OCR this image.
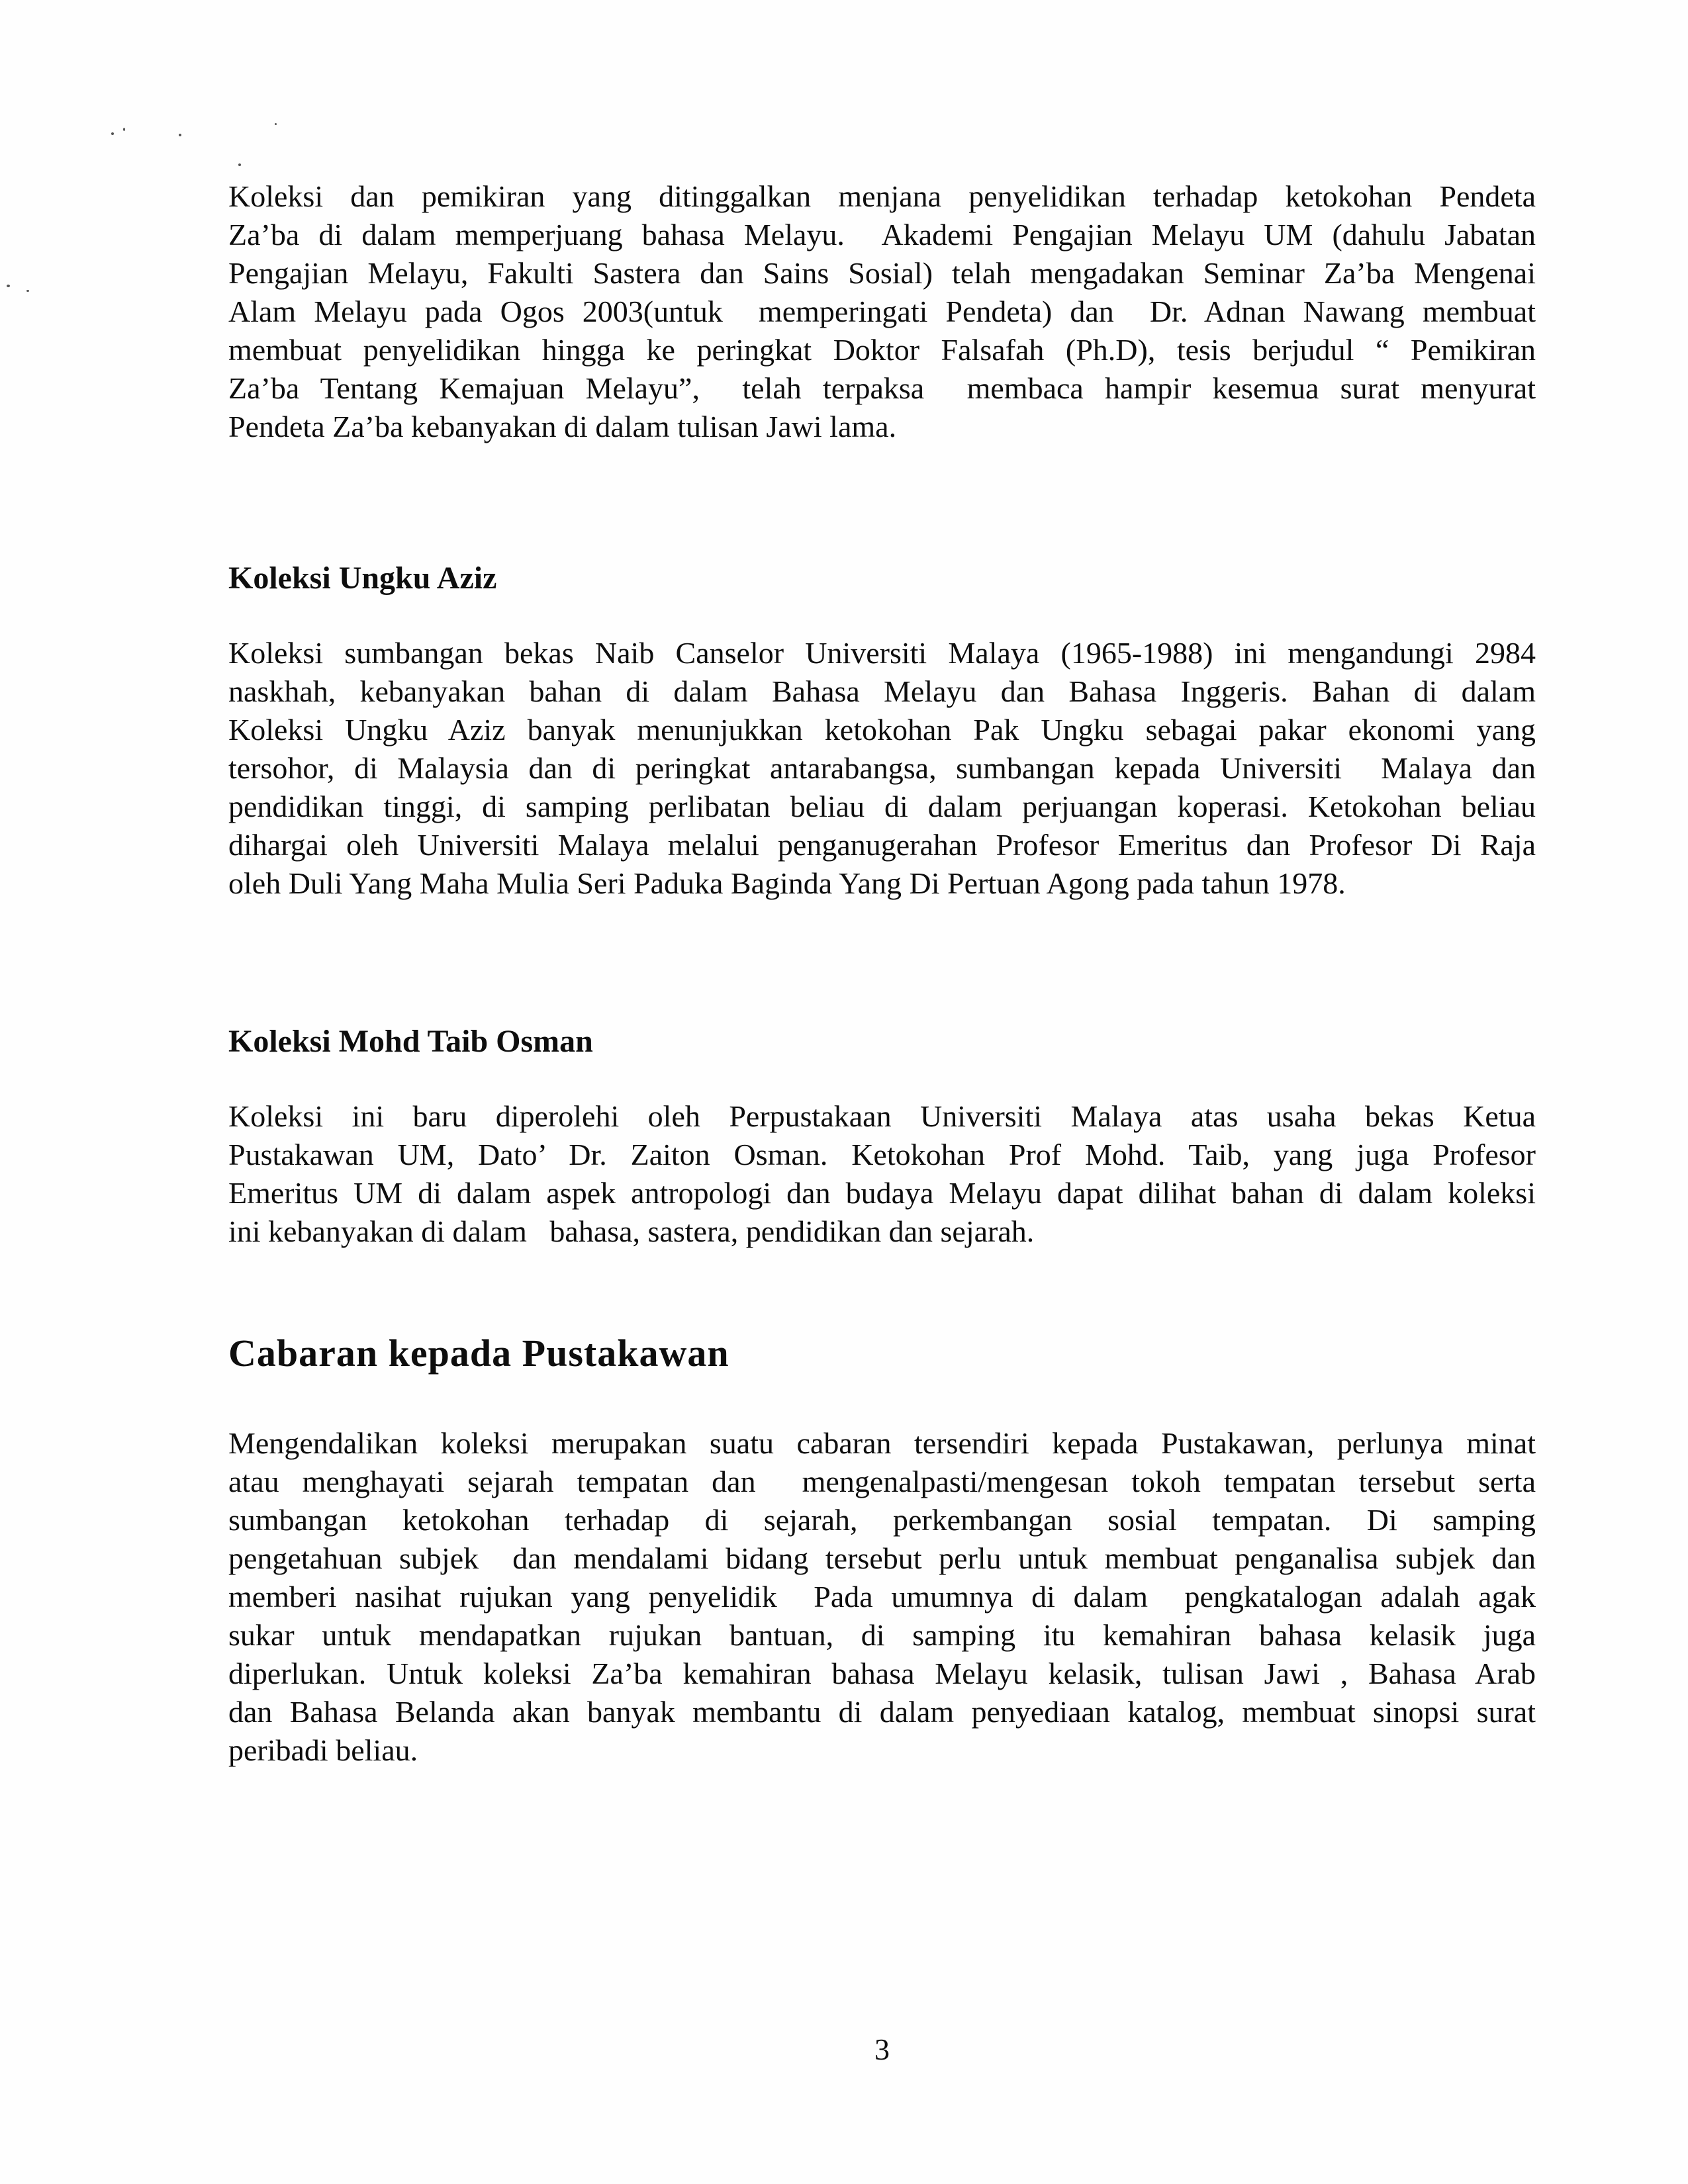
Koleksi dan pemikiran yang ditinggalkan menjana penyelidikan terhadap ketokohan Pendeta
Za’ba di dalam memperjuang bahasa Melayu.  Akademi Pengajian Melayu UM (dahulu Jabatan
Pengajian Melayu, Fakulti Sastera dan Sains Sosial) telah mengadakan Seminar Za’ba Mengenai
Alam Melayu pada Ogos 2003(untuk  memperingati Pendeta) dan  Dr. Adnan Nawang membuat
membuat penyelidikan hingga ke peringkat Doktor Falsafah (Ph.D), tesis berjudul “ Pemikiran
Za’ba Tentang Kemajuan Melayu”,  telah terpaksa  membaca hampir kesemua surat menyurat
Pendeta Za’ba kebanyakan di dalam tulisan Jawi lama.
Koleksi Ungku Aziz
Koleksi sumbangan bekas Naib Canselor Universiti Malaya (1965-1988) ini mengandungi 2984
naskhah, kebanyakan bahan di dalam Bahasa Melayu dan Bahasa Inggeris. Bahan di dalam
Koleksi Ungku Aziz banyak menunjukkan ketokohan Pak Ungku sebagai pakar ekonomi yang
tersohor, di Malaysia dan di peringkat antarabangsa, sumbangan kepada Universiti  Malaya dan
pendidikan tinggi, di samping perlibatan beliau di dalam perjuangan koperasi. Ketokohan beliau
dihargai oleh Universiti Malaya melalui penganugerahan Profesor Emeritus dan Profesor Di Raja
oleh Duli Yang Maha Mulia Seri Paduka Baginda Yang Di Pertuan Agong pada tahun 1978.
Koleksi Mohd Taib Osman
Koleksi ini baru diperolehi oleh Perpustakaan Universiti Malaya atas usaha bekas Ketua
Pustakawan UM, Dato’ Dr. Zaiton Osman. Ketokohan Prof Mohd. Taib, yang juga Profesor
Emeritus UM di dalam aspek antropologi dan budaya Melayu dapat dilihat bahan di dalam koleksi
ini kebanyakan di dalam   bahasa, sastera, pendidikan dan sejarah.
Cabaran kepada Pustakawan
Mengendalikan koleksi merupakan suatu cabaran tersendiri kepada Pustakawan, perlunya minat
atau menghayati sejarah tempatan dan  mengenalpasti/mengesan tokoh tempatan tersebut serta
sumbangan ketokohan terhadap di sejarah, perkembangan sosial tempatan. Di samping
pengetahuan subjek  dan mendalami bidang tersebut perlu untuk membuat penganalisa subjek dan
memberi nasihat rujukan yang penyelidik  Pada umumnya di dalam  pengkatalogan adalah agak
sukar untuk mendapatkan rujukan bantuan, di samping itu kemahiran bahasa kelasik juga
diperlukan. Untuk koleksi Za’ba kemahiran bahasa Melayu kelasik, tulisan Jawi , Bahasa Arab
dan Bahasa Belanda akan banyak membantu di dalam penyediaan katalog, membuat sinopsi surat
peribadi beliau.
3
